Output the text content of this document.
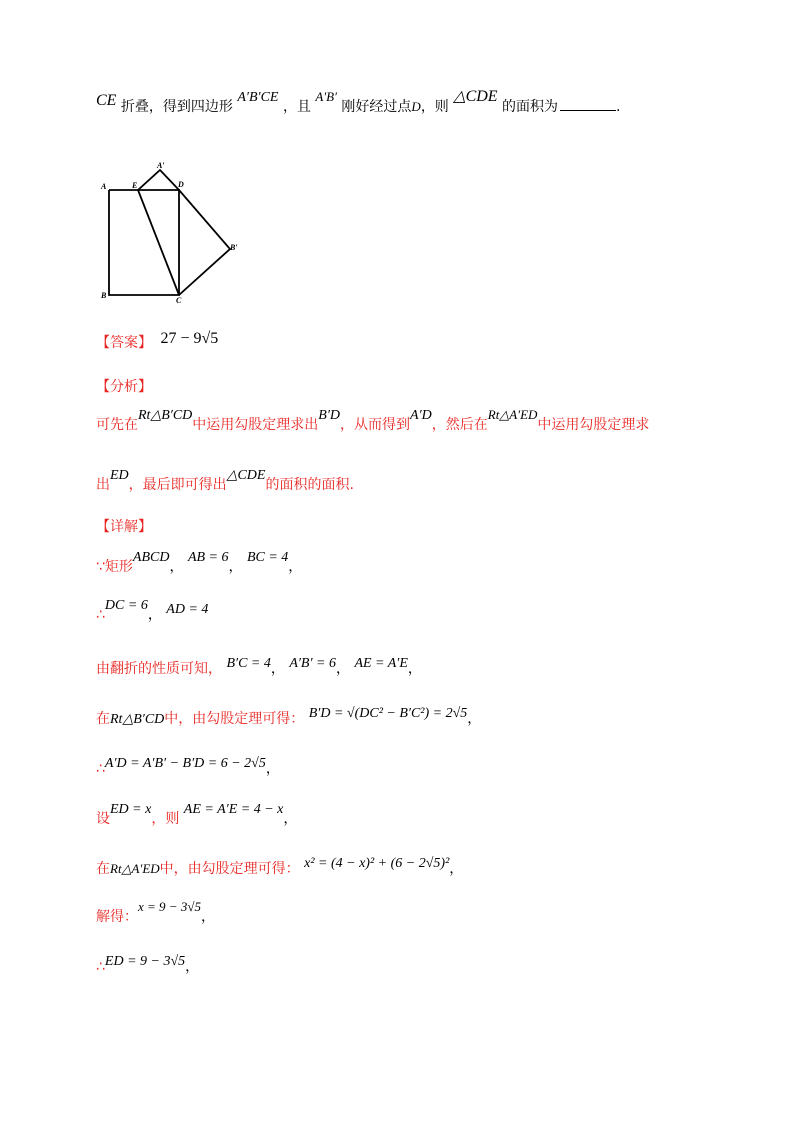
CE 折叠，得到四边形 A′B′CE ，且 A′B′ 刚好经过点D，则 △CDE 的面积为	.
A	E
A′
D
B′
B
C
【答案】 27 − 9√5
【分析】
可先在Rt△B′CD中运用勾股定理求出B′D，从而得到A′D，然后在Rt△A′ED中运用勾股定理求
出ED，最后即可得出△CDE的面积的面积.
【详解】
∵矩形ABCD， AB = 6， BC = 4，
∴DC = 6， AD = 4
由翻折的性质可知， B′C = 4， A′B′ = 6， AE = A′E，
在Rt△B′CD中，由勾股定理可得： B′D = √(DC² − B′C²) = 2√5，
∴A′D = A′B′ − B′D = 6 − 2√5，
设ED = x，则 AE = A′E = 4 − x，
在Rt△A′ED中，由勾股定理可得： x² = (4 − x)² + (6 − 2√5)²，
解得：x = 9 − 3√5，
∴ED = 9 − 3√5，
